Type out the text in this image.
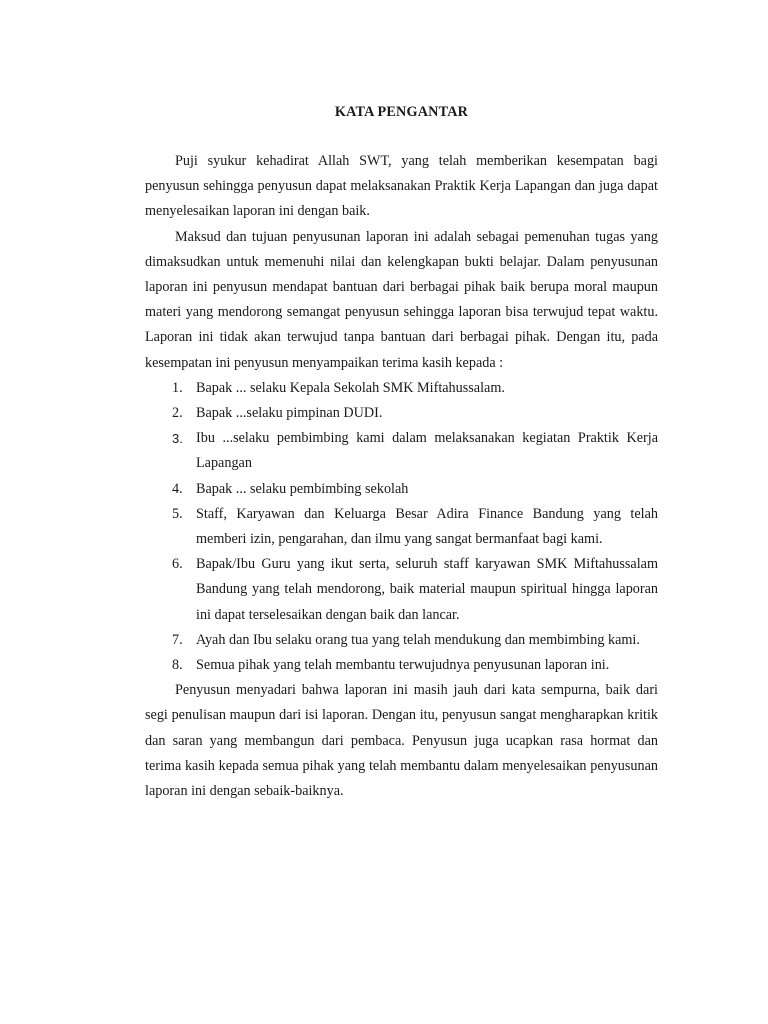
KATA PENGANTAR

Puji syukur kehadirat Allah SWT, yang telah memberikan kesempatan bagi penyusun sehingga penyusun dapat melaksanakan Praktik Kerja Lapangan dan juga dapat menyelesaikan laporan ini dengan baik.

Maksud dan tujuan penyusunan laporan ini adalah sebagai pemenuhan tugas yang dimaksudkan untuk memenuhi nilai dan kelengkapan bukti belajar. Dalam penyusunan laporan ini penyusun mendapat bantuan dari berbagai pihak baik berupa moral maupun materi yang mendorong semangat penyusun sehingga laporan bisa terwujud tepat waktu. Laporan ini tidak akan terwujud tanpa bantuan dari berbagai pihak. Dengan itu, pada kesempatan ini penyusun menyampaikan terima kasih kepada :

1. Bapak ... selaku Kepala Sekolah SMK Miftahussalam.
2. Bapak ...selaku pimpinan DUDI.
3. Ibu ...selaku pembimbing kami dalam melaksanakan kegiatan Praktik Kerja Lapangan
4. Bapak ... selaku pembimbing sekolah
5. Staff, Karyawan dan Keluarga Besar Adira Finance Bandung yang telah memberi izin, pengarahan, dan ilmu yang sangat bermanfaat bagi kami.
6. Bapak/Ibu Guru yang ikut serta, seluruh staff karyawan SMK Miftahussalam Bandung yang telah mendorong, baik material maupun spiritual hingga laporan ini dapat terselesaikan dengan baik dan lancar.
7. Ayah dan Ibu selaku orang tua yang telah mendukung dan membimbing kami.
8. Semua pihak yang telah membantu terwujudnya penyusunan laporan ini.

Penyusun menyadari bahwa laporan ini masih jauh dari kata sempurna, baik dari segi penulisan maupun dari isi laporan. Dengan itu, penyusun sangat mengharapkan kritik dan saran yang membangun dari pembaca. Penyusun juga ucapkan rasa hormat dan terima kasih kepada semua pihak yang telah membantu dalam menyelesaikan penyusunan laporan ini dengan sebaik-baiknya.
